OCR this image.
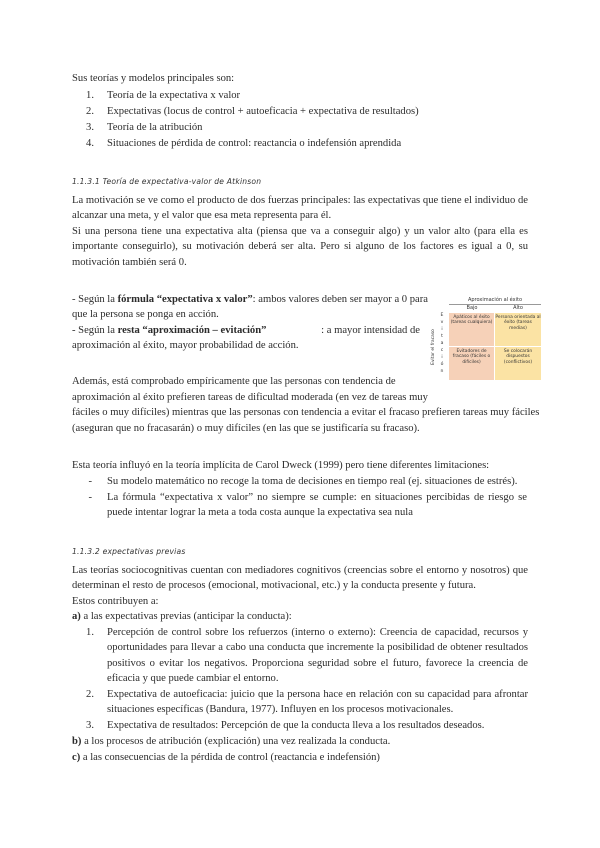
Sus teorías y modelos principales son:

1. Teoría de la expectativa x valor
2. Expectativas (locus de control + autoeficacia + expectativa de resultados)
3. Teoría de la atribución
4. Situaciones de pérdida de control: reactancia o indefensión aprendida

1.1.3.1 Teoría de expectativa-valor de Atkinson

La motivación se ve como el producto de dos fuerzas principales: las expectativas que tiene el individuo de alcanzar una meta, y el valor que esa meta representa para él.

Si una persona tiene una expectativa alta (piensa que va a conseguir algo) y un valor alto (para ella es importante conseguirlo), su motivación deberá ser alta. Pero si alguno de los factores es igual a 0, su motivación también será 0.

- Según la fórmula “expectativa x valor”: ambos valores deben ser mayor a 0 para

que la persona se ponga en acción.

- Según la resta “aproximación – evitación”	: a mayor intensidad de

aproximación al éxito, mayor probabilidad de acción.

Además, está comprobado empíricamente que las personas con tendencia de

aproximación al éxito prefieren tareas de dificultad moderada (en vez de tareas muy

fáciles o muy difíciles) mientras que las personas con tendencia a evitar el fracaso prefieren tareas muy fáciles

(aseguran que no fracasarán) o muy difíciles (en las que se justificaría su fracaso).

Esta teoría influyó en la teoría implícita de Carol Dweck (1999) pero tiene diferentes limitaciones:

- Su modelo matemático no recoge la toma de decisiones en tiempo real (ej. situaciones de estrés).
- La fórmula “expectativa x valor” no siempre se cumple: en situaciones percibidas de riesgo se puede intentar lograr la meta a toda costa aunque la expectativa sea nula
Aproximación al éxito
Bajo	Alto
Evitar el fracaso
E
v
i
t
a
c
i
ó
n
Apáticos al éxito (tareas cualquiera)
Persona orientada al éxito (tareas medias)
Evitadores de fracaso (fáciles o difíciles)
Se colocarán dispuestos (conflictivos)

1.1.3.2 expectativas previas

Las teorías sociocognitivas cuentan con mediadores cognitivos (creencias sobre el entorno y nosotros) que determinan el resto de procesos (emocional, motivacional, etc.) y la conducta presente y futura.

Estos contribuyen a:

a) a las expectativas previas (anticipar la conducta):

1. Percepción de control sobre los refuerzos (interno o externo): Creencia de capacidad, recursos y oportunidades para llevar a cabo una conducta que incremente la posibilidad de obtener resultados positivos o evitar los negativos. Proporciona seguridad sobre el futuro, favorece la creencia de eficacia y que puede cambiar el entorno.
2. Expectativa de autoeficacia: juicio que la persona hace en relación con su capacidad para afrontar situaciones específicas (Bandura, 1977). Influyen en los procesos motivacionales.
3. Expectativa de resultados: Percepción de que la conducta lleva a los resultados deseados.

b) a los procesos de atribución (explicación) una vez realizada la conducta.

c) a las consecuencias de la pérdida de control (reactancia e indefensión)
